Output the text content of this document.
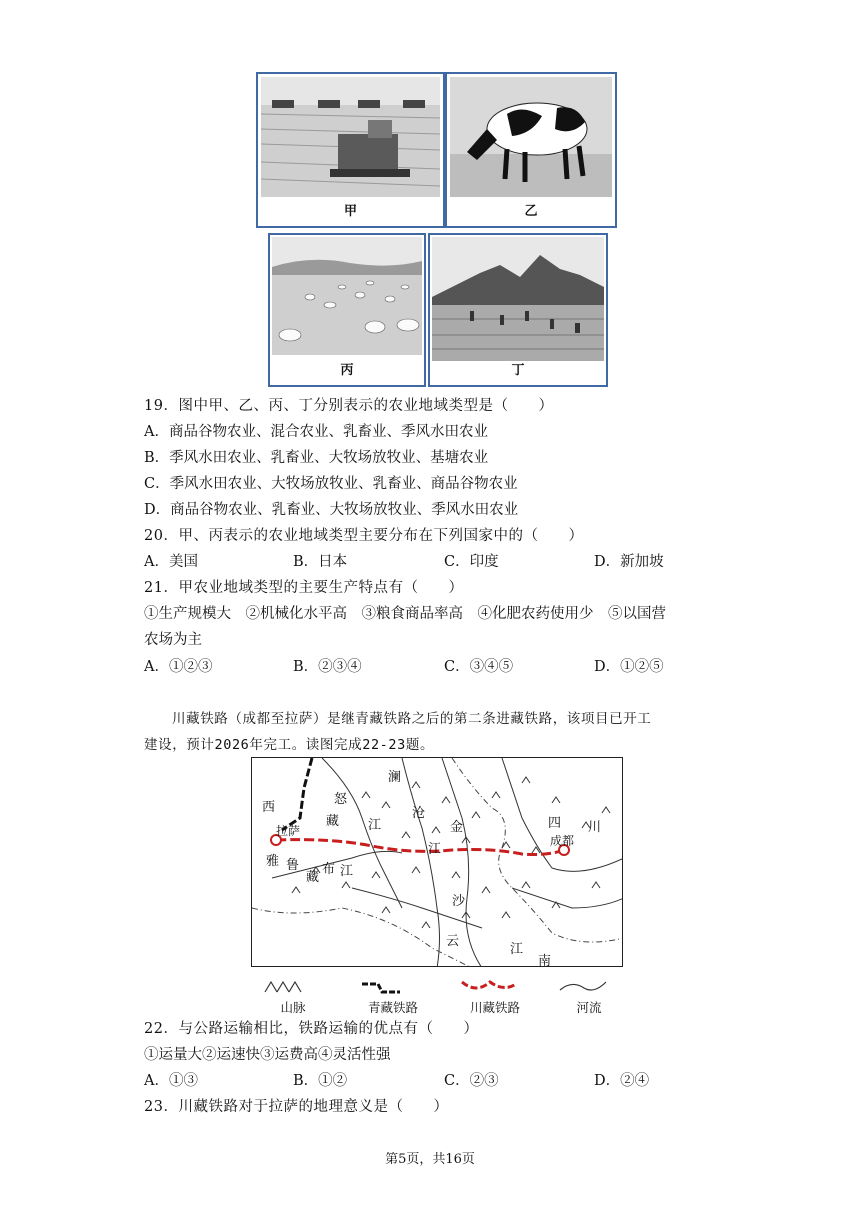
甲	乙
丙	丁
19．图中甲、乙、丙、丁分别表示的农业地域类型是（　　）
A．商品谷物农业、混合农业、乳畜业、季风水田农业
B．季风水田农业、乳畜业、大牧场放牧业、基塘农业
C．季风水田农业、大牧场放牧业、乳畜业、商品谷物农业
D．商品谷物农业、乳畜业、大牧场放牧业、季风水田农业
20．甲、丙表示的农业地域类型主要分布在下列国家中的（　　）
A．美国	B．日本	C．印度	D．新加坡
21．甲农业地域类型的主要生产特点有（　　）
①生产规模大　②机械化水平高　③粮食商品率高　④化肥农药使用少　⑤以国营
农场为主
A．①②③	B．②③④	C．③④⑤	D．①②⑤
川藏铁路（成都至拉萨）是继青藏铁路之后的第二条进藏铁路，该项目已开工
建设，预计2026年完工。读图完成22-23题。
西
藏
拉萨
雅 鲁
藏
布 江
怒
江
澜
沧
江
金
沙
江
四 川
成都
云
南
山脉	青藏铁路	川藏铁路	河流
22．与公路运输相比，铁路运输的优点有（　　）
①运量大②运速快③运费高④灵活性强
A．①③	B．①②	C．②③	D．②④
23．川藏铁路对于拉萨的地理意义是（　　）
第5页，共16页
